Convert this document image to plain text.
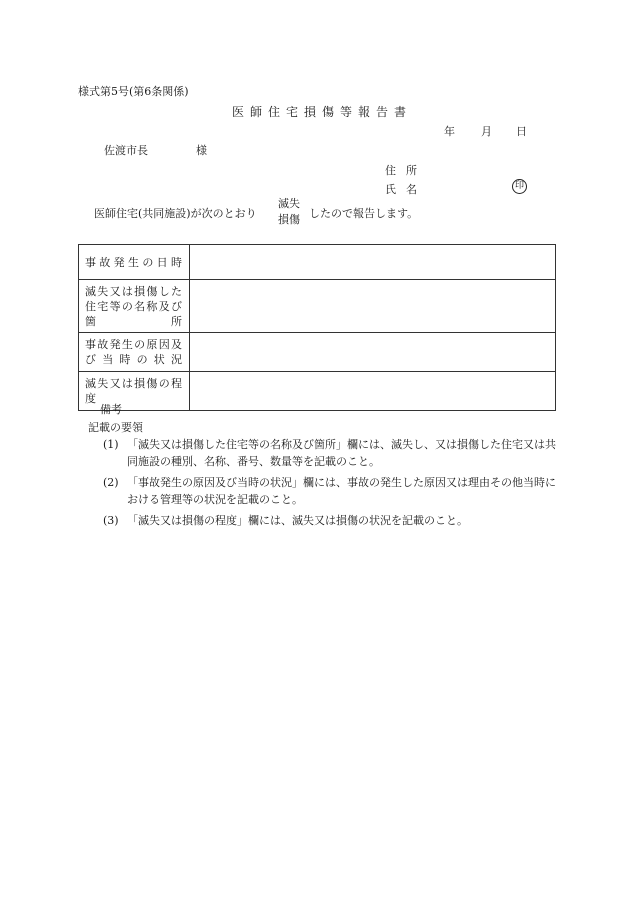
様式第5号(第6条関係)
医師住宅損傷等報告書
年 月 日
佐渡市長	様
住所
氏名	印
医師住宅(共同施設)が次のとおり
滅失
損傷 したので報告します。
事故発生の日時	
滅失又は損傷した住宅等の名称及び箇所	
事故発生の原因及び当時の状況	
滅失又は損傷の程度	
備考
記載の要領
(1) 「滅失又は損傷した住宅等の名称及び箇所」欄には、滅失し、又は損傷した住宅又は共同施設の種別、名称、番号、数量等を記載のこと。
(2) 「事故発生の原因及び当時の状況」欄には、事故の発生した原因又は理由その他当時における管理等の状況を記載のこと。
(3) 「滅失又は損傷の程度」欄には、滅失又は損傷の状況を記載のこと。
